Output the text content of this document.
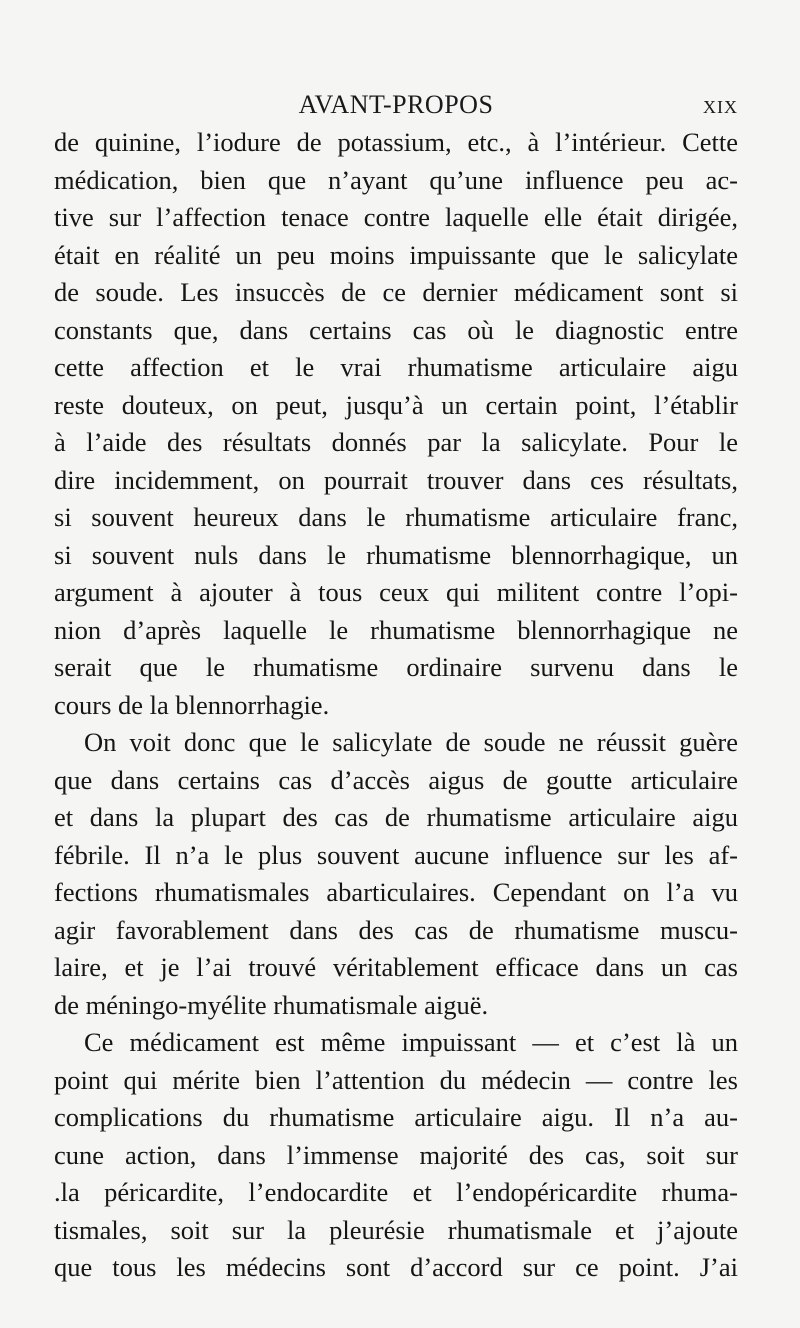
AVANT-PROPOS	XIX
de quinine, l’iodure de potassium, etc., à l’intérieur. Cette
médication, bien que n’ayant qu’une influence peu ac-
tive sur l’affection tenace contre laquelle elle était dirigée,
était en réalité un peu moins impuissante que le salicylate
de soude. Les insuccès de ce dernier médicament sont si
constants que, dans certains cas où le diagnostic entre
cette affection et le vrai rhumatisme articulaire aigu
reste douteux, on peut, jusqu’à un certain point, l’établir
à l’aide des résultats donnés par la salicylate. Pour le
dire incidemment, on pourrait trouver dans ces résultats,
si souvent heureux dans le rhumatisme articulaire franc,
si souvent nuls dans le rhumatisme blennorrhagique, un
argument à ajouter à tous ceux qui militent contre l’opi-
nion d’après laquelle le rhumatisme blennorrhagique ne
serait que le rhumatisme ordinaire survenu dans le
cours de la blennorrhagie.
On voit donc que le salicylate de soude ne réussit guère
que dans certains cas d’accès aigus de goutte articulaire
et dans la plupart des cas de rhumatisme articulaire aigu
fébrile. Il n’a le plus souvent aucune influence sur les af-
fections rhumatismales abarticulaires. Cependant on l’a vu
agir favorablement dans des cas de rhumatisme muscu-
laire, et je l’ai trouvé véritablement efficace dans un cas
de méningo-myélite rhumatismale aiguë.
Ce médicament est même impuissant — et c’est là un
point qui mérite bien l’attention du médecin — contre les
complications du rhumatisme articulaire aigu. Il n’a au-
cune action, dans l’immense majorité des cas, soit sur
.la péricardite, l’endocardite et l’endopéricardite rhuma-
tismales, soit sur la pleurésie rhumatismale et j’ajoute
que tous les médecins sont d’accord sur ce point. J’ai
